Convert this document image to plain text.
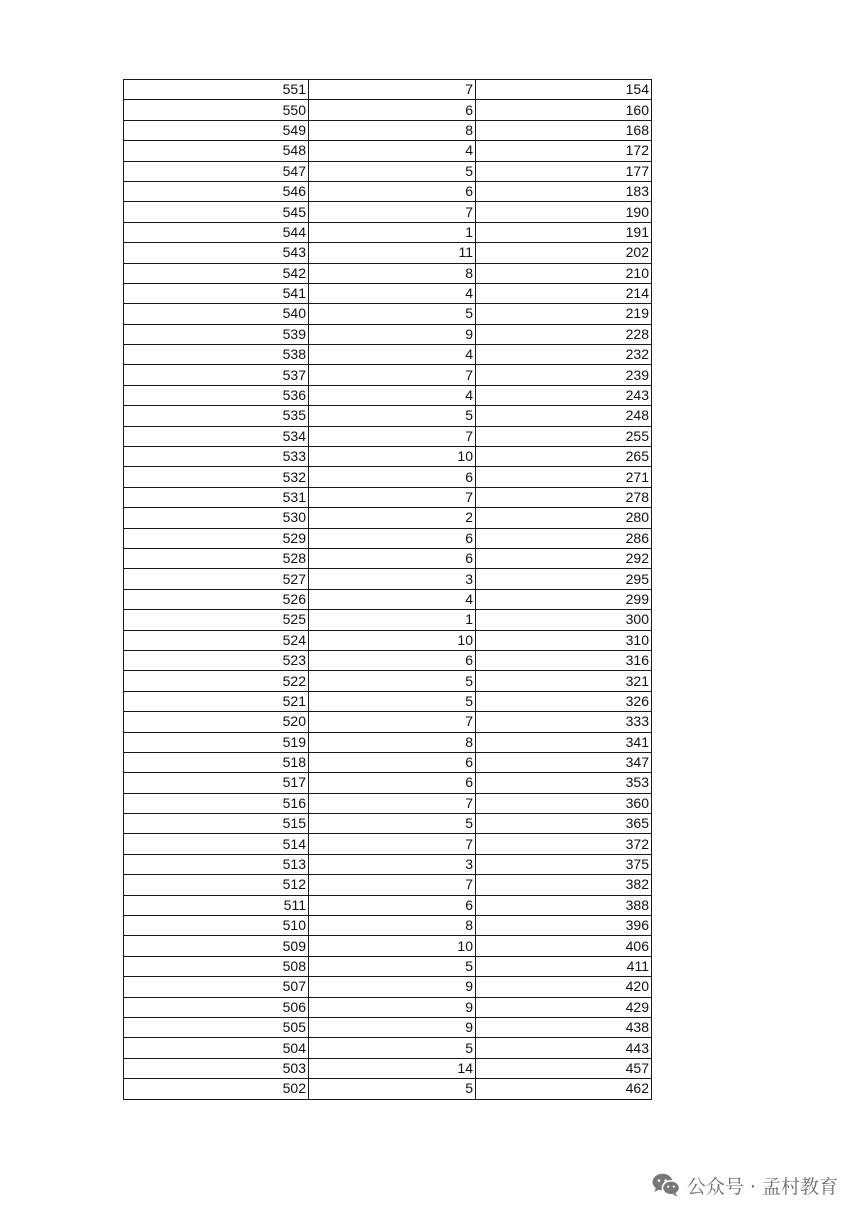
551	7	154
550	6	160
549	8	168
548	4	172
547	5	177
546	6	183
545	7	190
544	1	191
543	11	202
542	8	210
541	4	214
540	5	219
539	9	228
538	4	232
537	7	239
536	4	243
535	5	248
534	7	255
533	10	265
532	6	271
531	7	278
530	2	280
529	6	286
528	6	292
527	3	295
526	4	299
525	1	300
524	10	310
523	6	316
522	5	321
521	5	326
520	7	333
519	8	341
518	6	347
517	6	353
516	7	360
515	5	365
514	7	372
513	3	375
512	7	382
511	6	388
510	8	396
509	10	406
508	5	411
507	9	420
506	9	429
505	9	438
504	5	443
503	14	457
502	5	462
公众号 · 孟村教育
